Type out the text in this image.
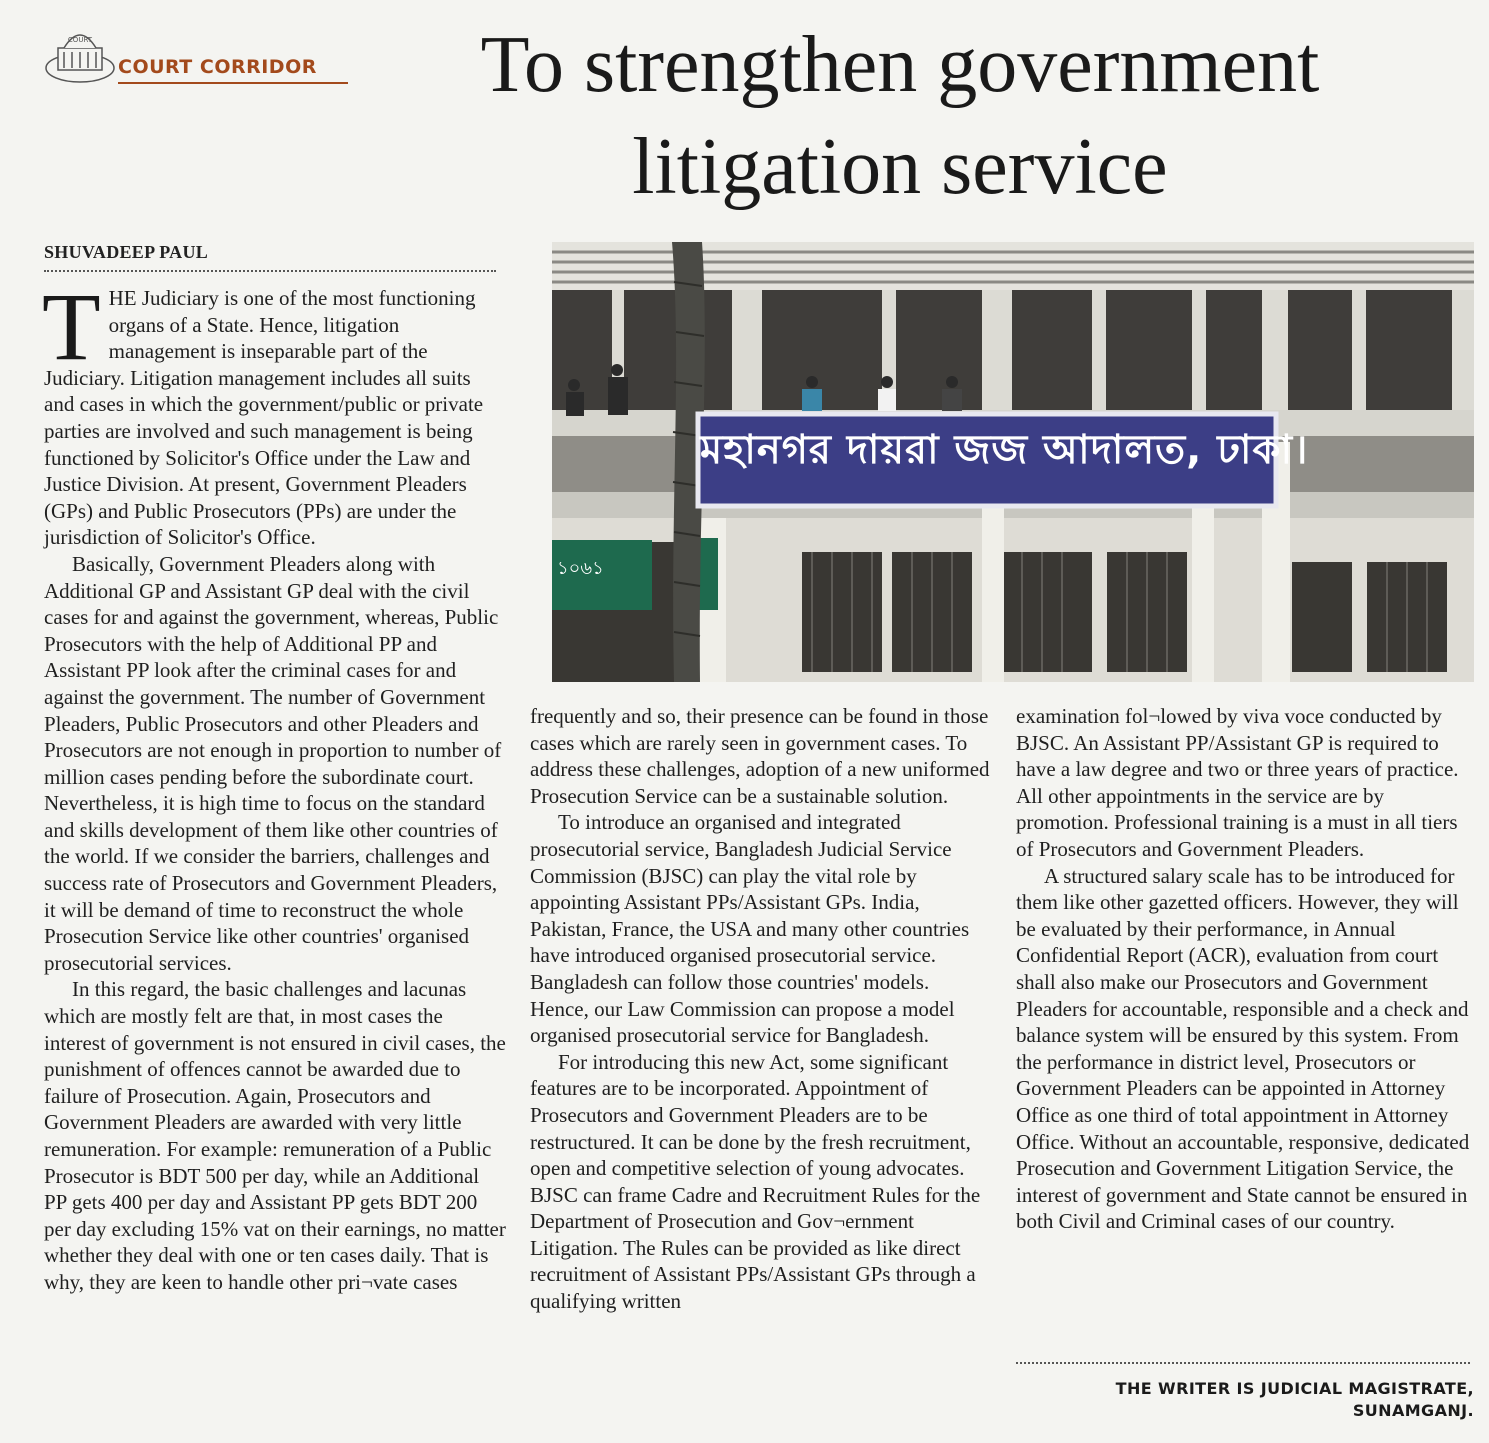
COURT
COURT CORRIDOR	To strengthen government
litigation service
SHUVADEEP PAUL
১০৬১
মহানগর দায়রা জজ আদালত, ঢাকা।

THE Judiciary is one of the most functioning organs of a State. Hence, litigation management is inseparable part of the Judiciary. Litigation management includes all suits and cases in which the government/public or private parties are involved and such management is being functioned by Solicitor's Office under the Law and Justice Division. At present, Government Pleaders (GPs) and Public Prosecutors (PPs) are under the jurisdiction of Solicitor's Office.

Basically, Government Pleaders along with Additional GP and Assistant GP deal with the civil cases for and against the government, whereas, Public Prosecutors with the help of Additional PP and Assistant PP look after the criminal cases for and against the government. The number of Government Pleaders, Public Prosecutors and other Pleaders and Prosecutors are not enough in proportion to number of million cases pending before the subordinate court. Nevertheless, it is high time to focus on the standard and skills development of them like other countries of the world. If we consider the barriers, challenges and success rate of Prosecutors and Government Pleaders, it will be demand of time to reconstruct the whole Prosecution Service like other countries' organised prosecutorial services.

In this regard, the basic challenges and lacunas which are mostly felt are that, in most cases the interest of government is not ensured in civil cases, the punishment of offences cannot be awarded due to failure of Prosecution. Again, Prosecutors and Government Pleaders are awarded with very little remuneration. For example: remuneration of a Public Prosecutor is BDT 500 per day, while an Additional PP gets 400 per day and Assistant PP gets BDT 200 per day excluding 15% vat on their earnings, no matter whether they deal with one or ten cases daily. That is why, they are keen to handle other pri¬vate cases

frequently and so, their presence can be found in those cases which are rarely seen in government cases. To address these challenges, adoption of a new uniformed Prosecution Service can be a sustainable solution.

To introduce an organised and integrated prosecutorial service, Bangladesh Judicial Service Commission (BJSC) can play the vital role by appointing Assistant PPs/Assistant GPs. India, Pakistan, France, the USA and many other countries have introduced organised prosecutorial service. Bangladesh can follow those countries' models. Hence, our Law Commission can propose a model organised prosecutorial service for Bangladesh.

For introducing this new Act, some significant features are to be incorporated. Appointment of Prosecutors and Government Pleaders are to be restructured. It can be done by the fresh recruitment, open and competitive selection of young advocates. BJSC can frame Cadre and Recruitment Rules for the Department of Prosecution and Gov¬ernment Litigation. The Rules can be provided as like direct recruitment of Assistant PPs/Assistant GPs through a qualifying written

examination fol¬lowed by viva voce conducted by BJSC. An Assistant PP/Assistant GP is required to have a law degree and two or three years of practice. All other appointments in the service are by promotion. Professional training is a must in all tiers of Prosecutors and Government Pleaders.

A structured salary scale has to be introduced for them like other gazetted officers. However, they will be evaluated by their performance, in Annual Confidential Report (ACR), evaluation from court shall also make our Prosecutors and Government Pleaders for accountable, responsible and a check and balance system will be ensured by this system. From the performance in district level, Prosecutors or Government Pleaders can be appointed in Attorney Office as one third of total appointment in Attorney Office. Without an accountable, responsive, dedicated Prosecution and Government Litigation Service, the interest of government and State cannot be ensured in both Civil and Criminal cases of our country.

THE WRITER IS JUDICIAL MAGISTRATE,
SUNAMGANJ.
